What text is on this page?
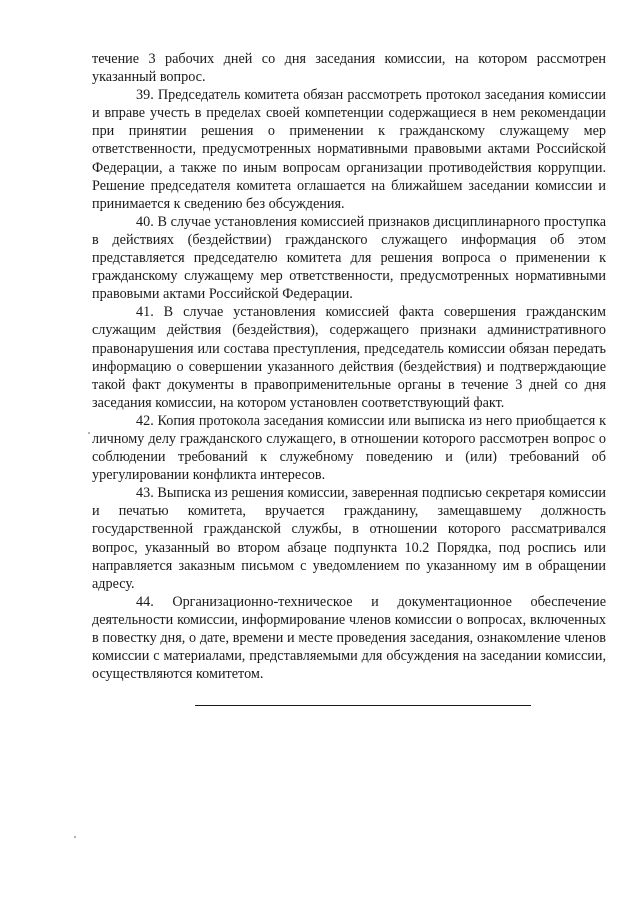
течение 3 рабочих дней со дня заседания комиссии, на котором рассмотрен указанный вопрос.

39. Председатель комитета обязан рассмотреть протокол заседания комиссии и вправе учесть в пределах своей компетенции содержащиеся в нем рекомендации при принятии решения о применении к гражданскому служащему мер ответственности, предусмотренных нормативными правовыми актами Российской Федерации, а также по иным вопросам организации противодействия коррупции. Решение председателя комитета оглашается на ближайшем заседании комиссии и принимается к сведению без обсуждения.

40. В случае установления комиссией признаков дисциплинарного проступка в действиях (бездействии) гражданского служащего информация об этом представляется председателю комитета для решения вопроса о применении к гражданскому служащему мер ответственности, предусмотренных нормативными правовыми актами Российской Федерации.

41. В случае установления комиссией факта совершения гражданским служащим действия (бездействия), содержащего признаки административного правонарушения или состава преступления, председатель комиссии обязан передать информацию о совершении указанного действия (бездействия) и подтверждающие такой факт документы в правоприменительные органы в течение 3 дней со дня заседания комиссии, на котором установлен соответствующий факт.

42. Копия протокола заседания комиссии или выписка из него приобщается к личному делу гражданского служащего, в отношении которого рассмотрен вопрос о соблюдении требований к служебному поведению и (или) требований об урегулировании конфликта интересов.

43. Выписка из решения комиссии, заверенная подписью секретаря комиссии и печатью комитета, вручается гражданину, замещавшему должность государственной гражданской службы, в отношении которого рассматривался вопрос, указанный во втором абзаце подпункта 10.2 Порядка, под роспись или направляется заказным письмом с уведомлением по указанному им в обращении адресу.

44. Организационно-техническое и документационное обеспечение деятельности комиссии, информирование членов комиссии о вопросах, включенных в повестку дня, о дате, времени и месте проведения заседания, ознакомление членов комиссии с материалами, представляемыми для обсуждения на заседании комиссии, осуществляются комитетом.
